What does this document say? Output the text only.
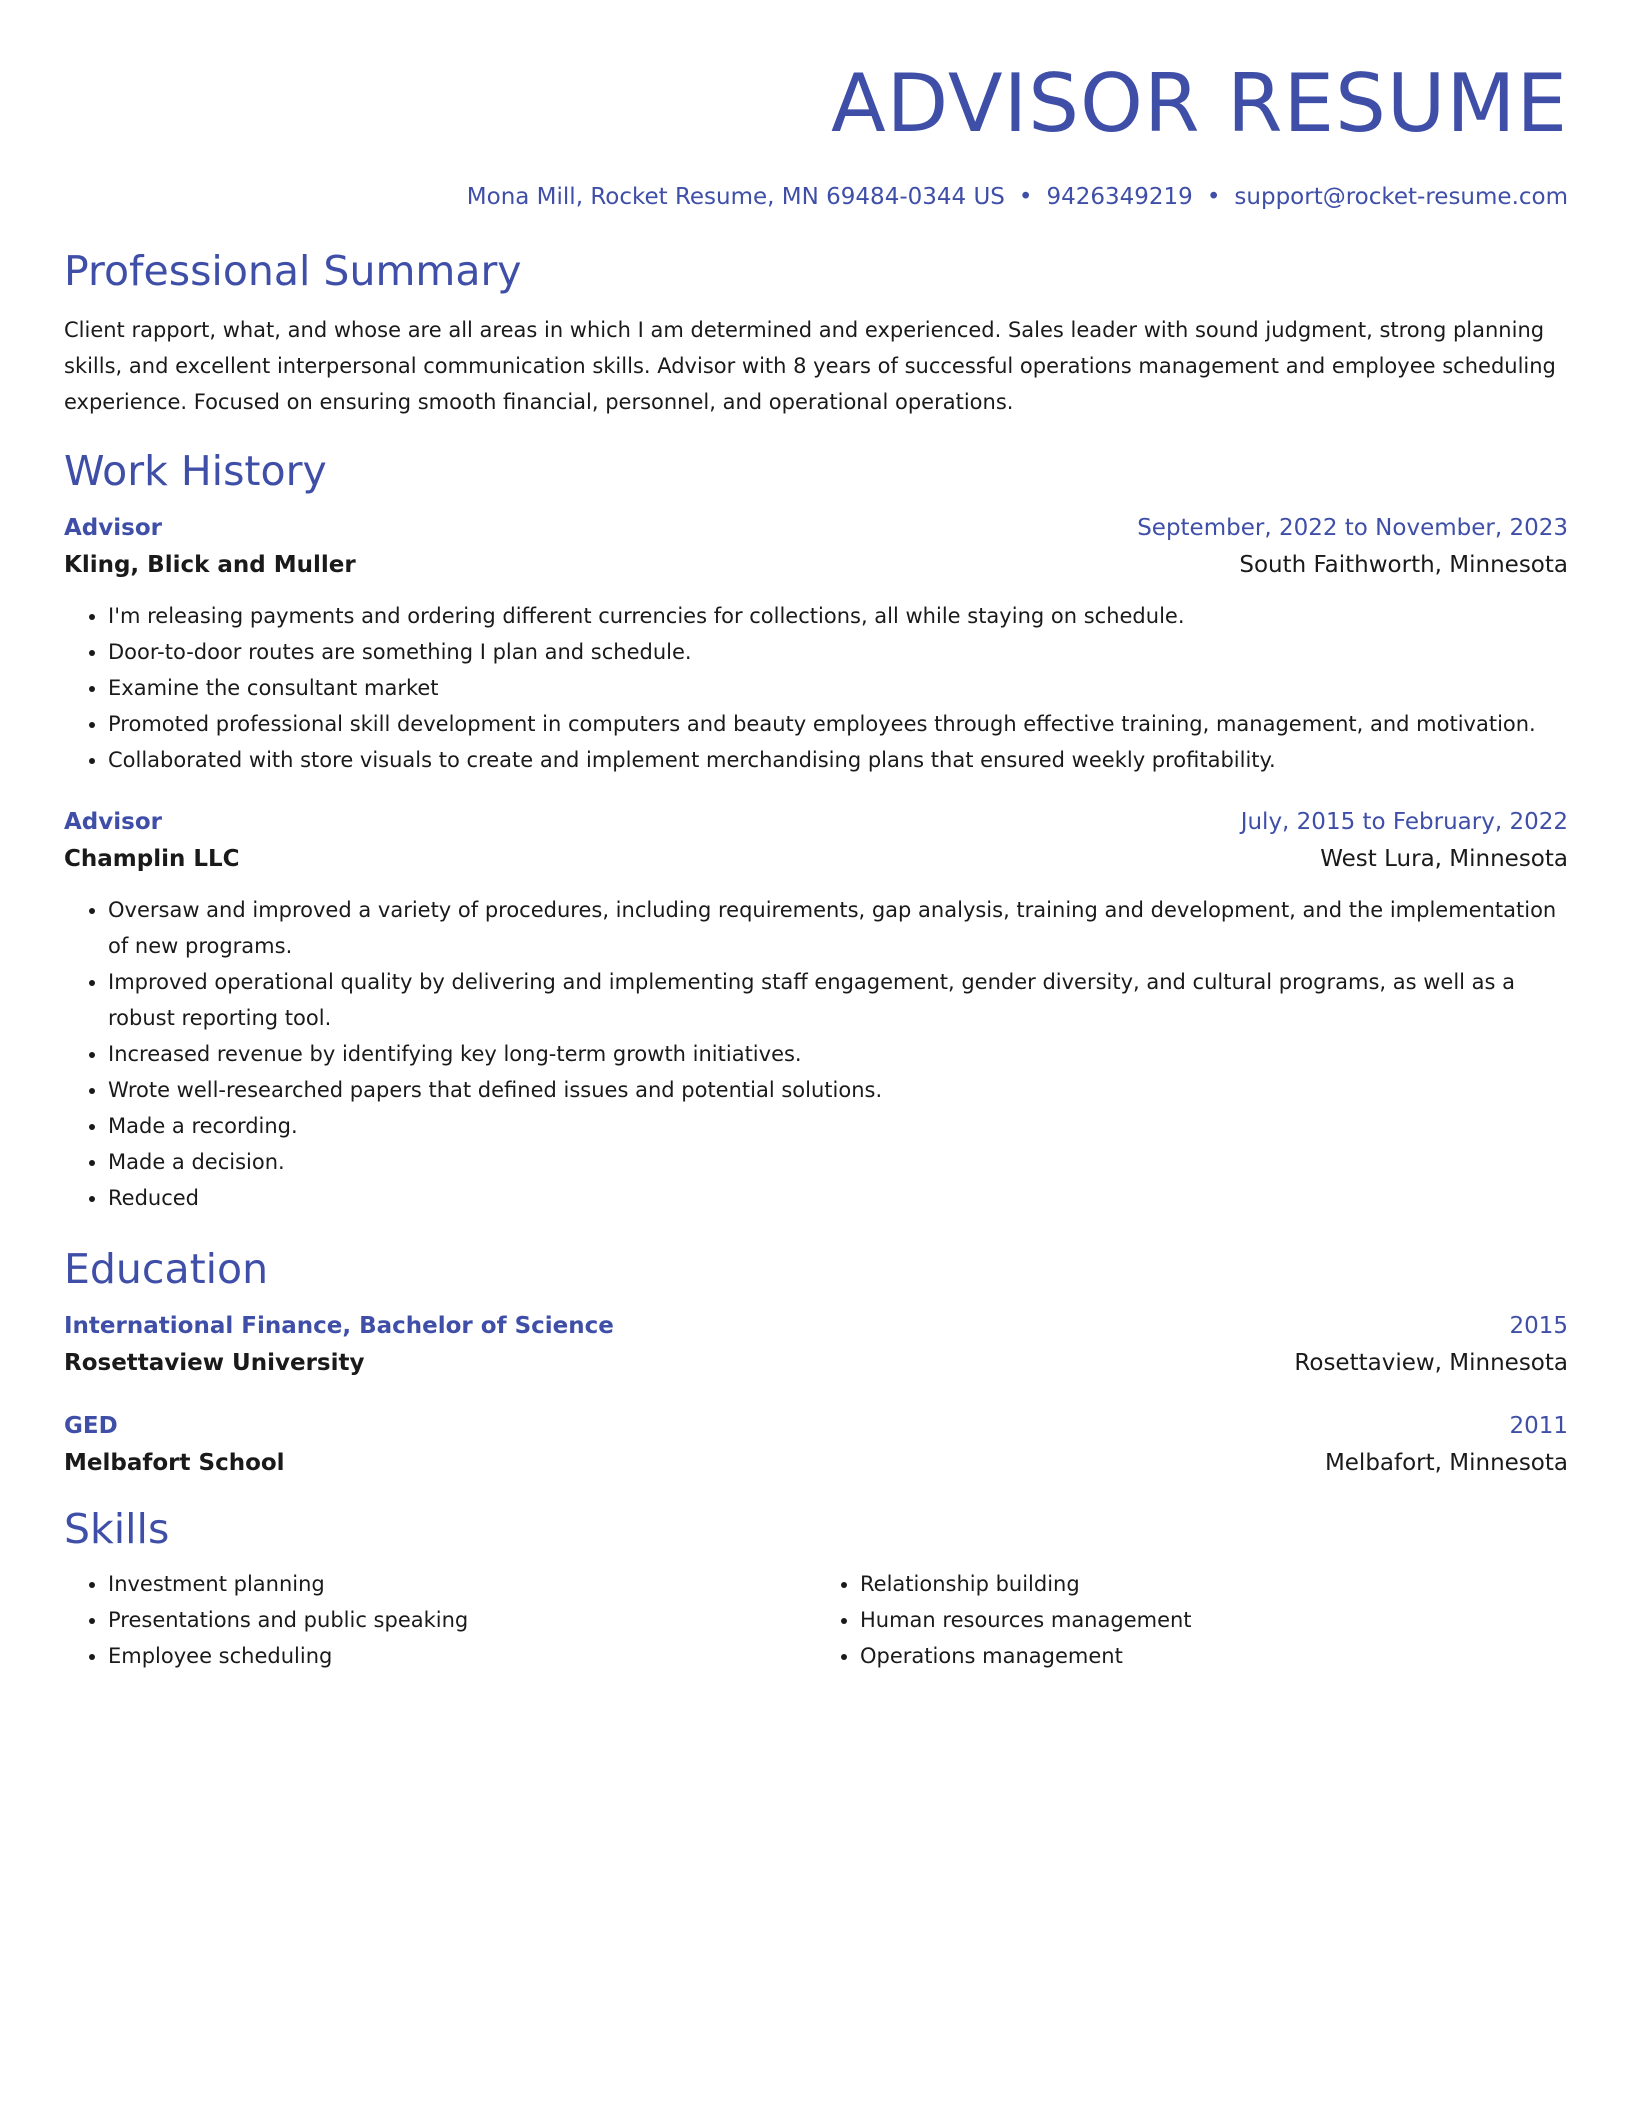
ADVISOR RESUME
Mona Mill, Rocket Resume, MN 69484-0344 US • 9426349219 • support@rocket-resume.com
Professional Summary
Client rapport, what, and whose are all areas in which I am determined and experienced. Sales leader with sound judgment, strong planning skills, and excellent interpersonal communication skills. Advisor with 8 years of successful operations management and employee scheduling experience. Focused on ensuring smooth financial, personnel, and operational operations.
Work History
Advisor	September, 2022 to November, 2023
Kling, Blick and Muller	South Faithworth, Minnesota
• I'm releasing payments and ordering different currencies for collections, all while staying on schedule.
• Door-to-door routes are something I plan and schedule.
• Examine the consultant market
• Promoted professional skill development in computers and beauty employees through effective training, management, and motivation.
• Collaborated with store visuals to create and implement merchandising plans that ensured weekly profitability.
Advisor	July, 2015 to February, 2022
Champlin LLC	West Lura, Minnesota
• Oversaw and improved a variety of procedures, including requirements, gap analysis, training and development, and the implementation of new programs.
• Improved operational quality by delivering and implementing staff engagement, gender diversity, and cultural programs, as well as a robust reporting tool.
• Increased revenue by identifying key long-term growth initiatives.
• Wrote well-researched papers that defined issues and potential solutions.
• Made a recording.
• Made a decision.
• Reduced
Education
International Finance, Bachelor of Science	2015
Rosettaview University	Rosettaview, Minnesota
GED	2011
Melbafort School	Melbafort, Minnesota
Skills
• Investment planning
• Presentations and public speaking
• Employee scheduling
• Relationship building
• Human resources management
• Operations management
